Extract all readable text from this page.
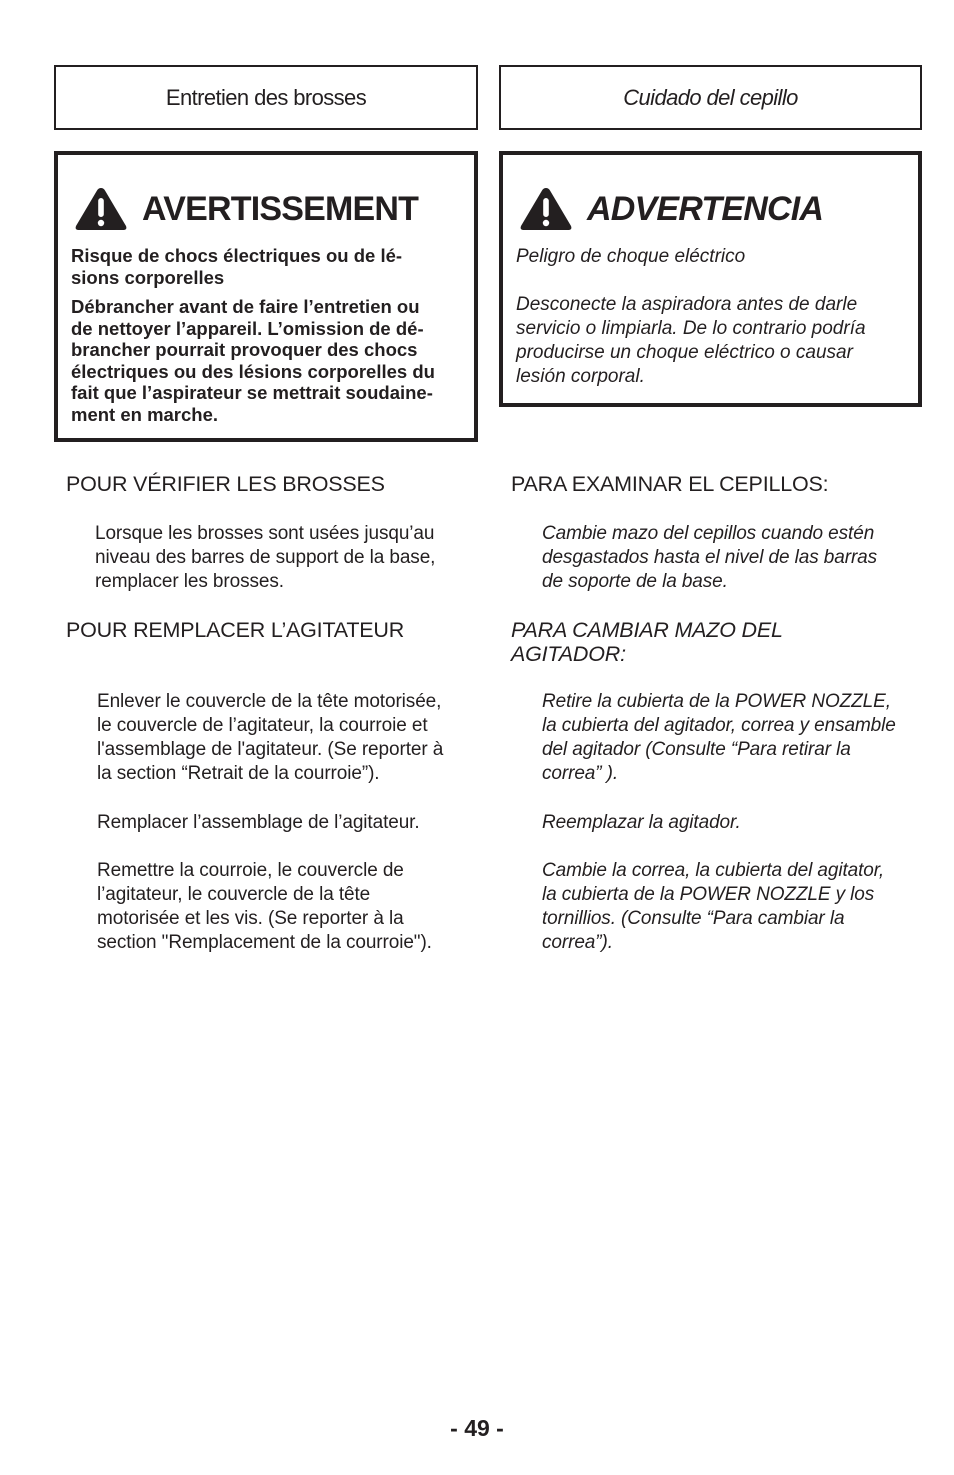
Entretien des brosses
AVERTISSEMENT

Risque de chocs électriques ou de lé-
sions corporelles

Débrancher avant de faire l’entretien ou
de nettoyer l’appareil. L’omission de dé-
brancher pourrait provoquer des chocs
électriques ou des lésions corporelles du
fait que l’aspirateur se mettrait soudaine-
ment en marche.

POUR VÉRIFIER LES BROSSES
Lorsque les brosses sont usées jusqu’au
niveau des barres de support de la base,
remplacer les brosses.
POUR REMPLACER L’AGITATEUR
Enlever le couvercle de la tête motorisée,
le couvercle de l’agitateur, la courroie et
l'assemblage de l'agitateur. (Se reporter à
la section “Retrait de la courroie”).
Remplacer l’assemblage de l’agitateur.
Remettre la courroie, le couvercle de
l’agitateur, le couvercle de la tête
motorisée et les vis. (Se reporter à la
section "Remplacement de la courroie").
Cuidado del cepillo
ADVERTENCIA

Peligro de choque eléctrico

Desconecte la aspiradora antes de darle
servicio o limpiarla. De lo contrario podría
producirse un choque eléctrico o causar
lesión corporal.

PARA EXAMINAR EL CEPILLOS:
Cambie mazo del cepillos cuando estén
desgastados hasta el nivel de las barras
de soporte de la base.
PARA CAMBIAR MAZO DEL
AGITADOR:
Retire la cubierta de la POWER NOZZLE,
la cubierta del agitador, correa y ensamble
del agitador (Consulte “Para retirar la
correa” ).
Reemplazar la agitador.
Cambie la correa, la cubierta del agitator,
la cubierta de la POWER NOZZLE y los
tornillios. (Consulte “Para cambiar la
correa”).
- 49 -
